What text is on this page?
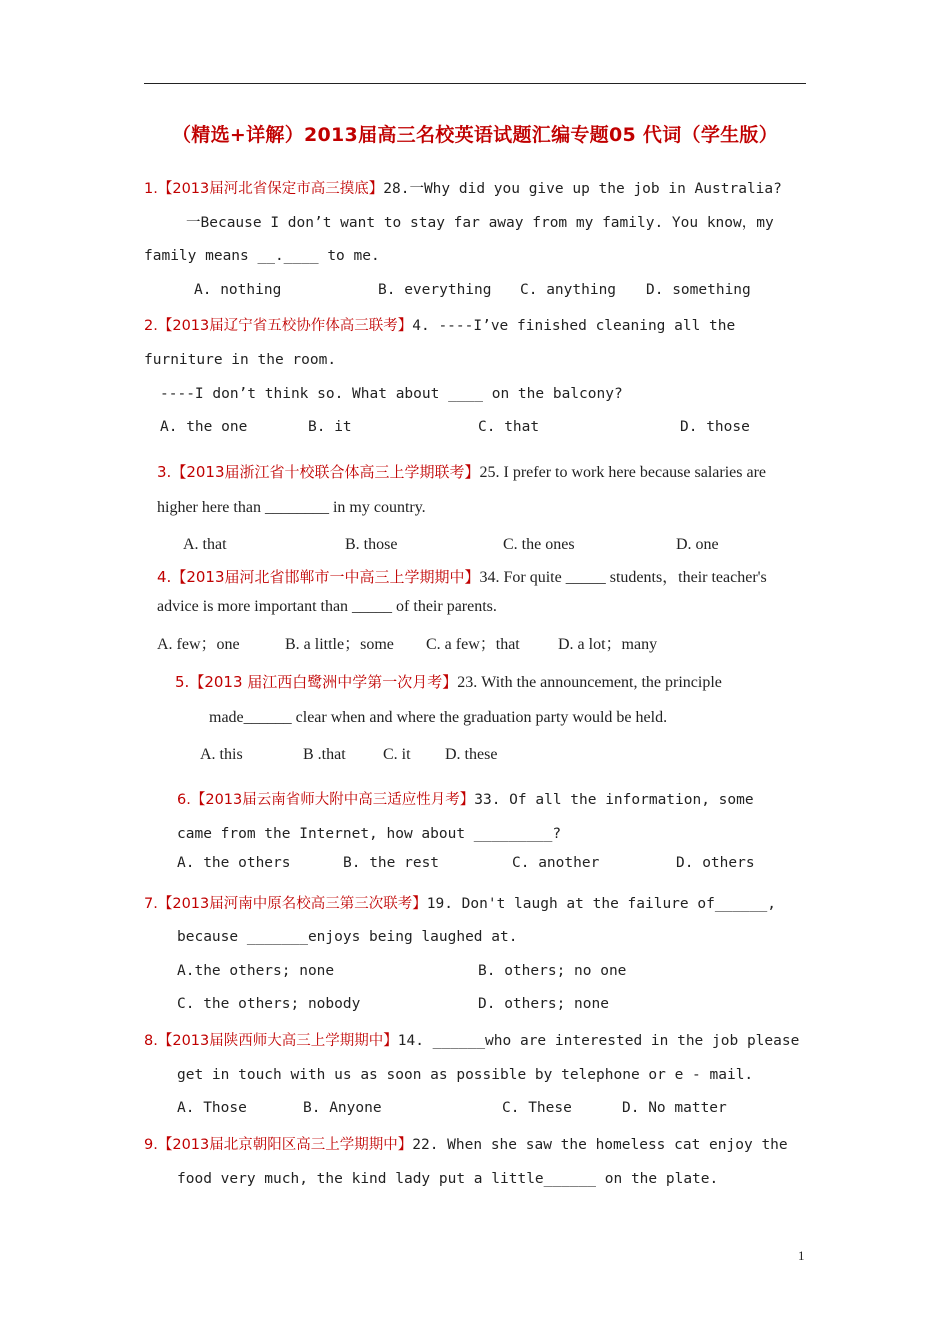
（精选+详解）2013届高三名校英语试题汇编专题05 代词（学生版）
1.【2013届河北省保定市高三摸底】28.一Why did you give up the job in Australia?
一Because I don’t want to stay far away from my family. You know，my
family means __.____ to me.
A. nothing	B. everything C. anything D. something
2.【2013届辽宁省五校协作体高三联考】4. ----I’ve finished cleaning all the
furniture in the room.
----I don’t think so. What about ____ on the balcony?
A. the one	B. it	C. that	D. those
3.【2013届浙江省十校联合体高三上学期联考】25. I prefer to work here because salaries are
higher here than ________ in my country.
A. that	B. those	C. the ones	D. one
4.【2013届河北省邯郸市一中高三上学期期中】34. For quite _____ students，their teacher's
advice is more important than _____ of their parents.
A. few；one	B. a little；some C. a few；that D. a lot；many
5.【2013 届江西白鹭洲中学第一次月考】23. With the announcement, the principle
made______ clear when and where the graduation party would be held.
A. this	B .that C. it D. these
6.【2013届云南省师大附中高三适应性月考】33. Of all the information, some
came from the Internet, how about _________?
A. the others	B. the rest	C. another	D. others
7.【2013届河南中原名校高三第三次联考】19. Don't laugh at the failure of______,
because _______enjoys being laughed at.
A.the others; none	B. others; no one
C. the others; nobody	D. others; none
8.【2013届陕西师大高三上学期期中】14. ______who are interested in the job please
get in touch with us as soon as possible by telephone or e - mail.
A. Those	B. Anyone	C. These	D. No matter
9.【2013届北京朝阳区高三上学期期中】22. When she saw the homeless cat enjoy the
food very much, the kind lady put a little______ on the plate.
1
